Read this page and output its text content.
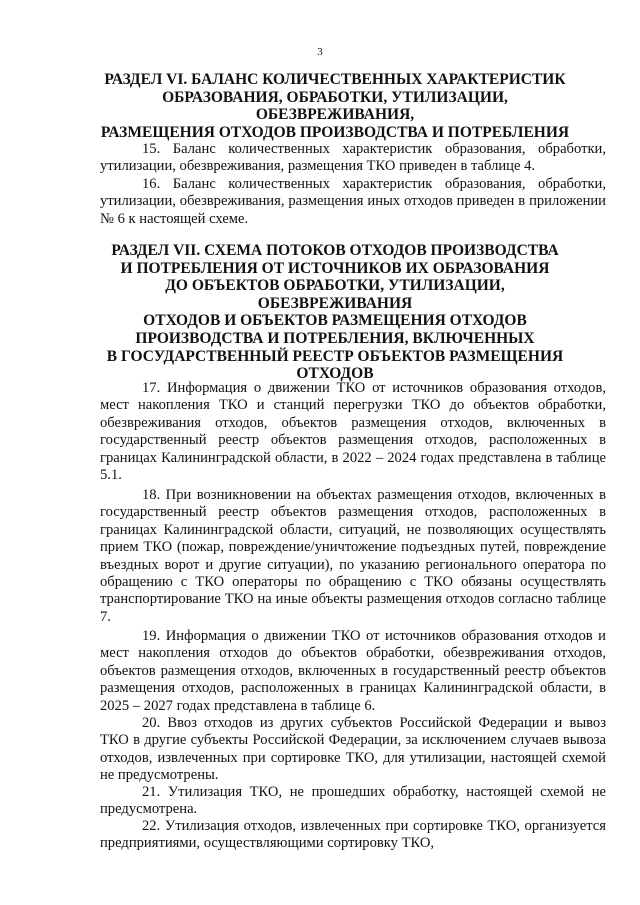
3
РАЗДЕЛ VI. БАЛАНС КОЛИЧЕСТВЕННЫХ ХАРАКТЕРИСТИК
ОБРАЗОВАНИЯ, ОБРАБОТКИ, УТИЛИЗАЦИИ, ОБЕЗВРЕЖИВАНИЯ,
РАЗМЕЩЕНИЯ ОТХОДОВ ПРОИЗВОДСТВА И ПОТРЕБЛЕНИЯ

15. Баланс количественных характеристик образования, обработки, утилизации, обезвреживания, размещения ТКО приведен в таблице 4.

16. Баланс количественных характеристик образования, обработки, утилизации, обезвреживания, размещения иных отходов приведен в приложении № 6 к настоящей схеме.

РАЗДЕЛ VII. СХЕМА ПОТОКОВ ОТХОДОВ ПРОИЗВОДСТВА
И ПОТРЕБЛЕНИЯ ОТ ИСТОЧНИКОВ ИХ ОБРАЗОВАНИЯ
ДО ОБЪЕКТОВ ОБРАБОТКИ, УТИЛИЗАЦИИ, ОБЕЗВРЕЖИВАНИЯ
ОТХОДОВ И ОБЪЕКТОВ РАЗМЕЩЕНИЯ ОТХОДОВ
ПРОИЗВОДСТВА И ПОТРЕБЛЕНИЯ, ВКЛЮЧЕННЫХ
В ГОСУДАРСТВЕННЫЙ РЕЕСТР ОБЪЕКТОВ РАЗМЕЩЕНИЯ
ОТХОДОВ

17. Информация о движении ТКО от источников образования отходов, мест накопления ТКО и станций перегрузки ТКО до объектов обработки, обезвреживания отходов, объектов размещения отходов, включенных в государственный реестр объектов размещения отходов, расположенных в границах Калининградской области, в 2022 – 2024 годах представлена в таблице 5.1.

18. При возникновении на объектах размещения отходов, включенных в государственный реестр объектов размещения отходов, расположенных в границах Калининградской области, ситуаций, не позволяющих осуществлять прием ТКО (пожар, повреждение/уничтожение подъездных путей, повреждение въездных ворот и другие ситуации), по указанию регионального оператора по обращению с ТКО операторы по обращению с ТКО обязаны осуществлять транспортирование ТКО на иные объекты размещения отходов согласно таблице 7.

19. Информация о движении ТКО от источников образования отходов и мест накопления отходов до объектов обработки, обезвреживания отходов, объектов размещения отходов, включенных в государственный реестр объектов размещения отходов, расположенных в границах Калининградской области, в 2025 – 2027 годах представлена в таблице 6.

20. Ввоз отходов из других субъектов Российской Федерации и вывоз ТКО в другие субъекты Российской Федерации, за исключением случаев вывоза отходов, извлеченных при сортировке ТКО, для утилизации, настоящей схемой не предусмотрены.

21. Утилизация ТКО, не прошедших обработку, настоящей схемой не предусмотрена.

22. Утилизация отходов, извлеченных при сортировке ТКО, организуется предприятиями, осуществляющими сортировку ТКО,
